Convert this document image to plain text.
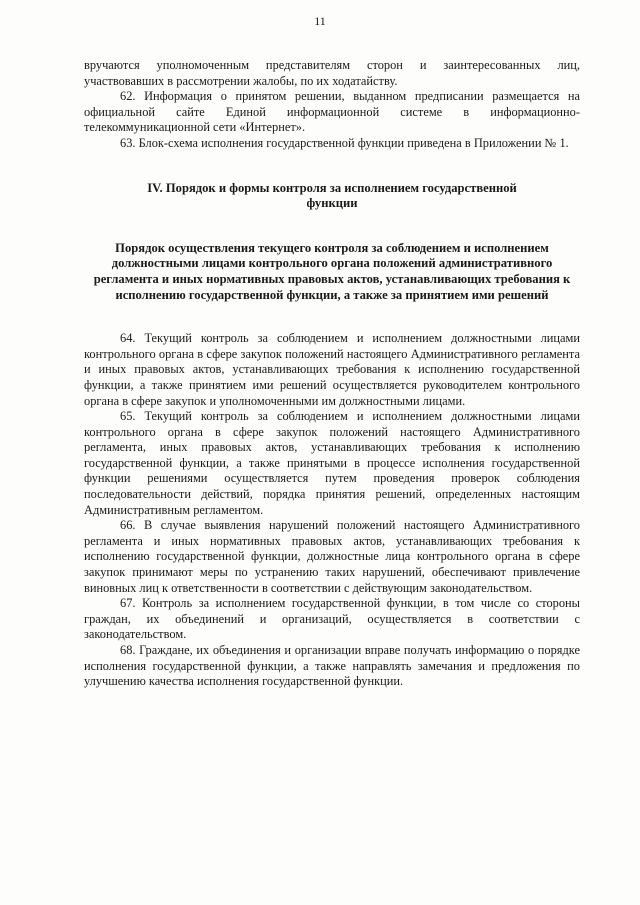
11

вручаются уполномоченным представителям сторон и заинтересованных лиц, участвовавших в рассмотрении жалобы, по их ходатайству.

62. Информация о принятом решении, выданном предписании размещается на официальной сайте Единой информационной системе в информационно-телекоммуникационной сети «Интернет».

63. Блок-схема исполнения государственной функции приведена в Приложении № 1.

IV. Порядок и формы контроля за исполнением государственной функции
Порядок осуществления текущего контроля за соблюдением и исполнением должностными лицами контрольного органа положений административного регламента и иных нормативных правовых актов, устанавливающих требования к исполнению государственной функции, а также за принятием ими решений

64. Текущий контроль за соблюдением и исполнением должностными лицами контрольного органа в сфере закупок положений настоящего Административного регламента и иных правовых актов, устанавливающих требования к исполнению государственной функции, а также принятием ими решений осуществляется руководителем контрольного органа в сфере закупок и уполномоченными им должностными лицами.

65. Текущий контроль за соблюдением и исполнением должностными лицами контрольного органа в сфере закупок положений настоящего Административного регламента, иных правовых актов, устанавливающих требования к исполнению государственной функции, а также принятыми в процессе исполнения государственной функции решениями осуществляется путем проведения проверок соблюдения последовательности действий, порядка принятия решений, определенных настоящим Административным регламентом.

66. В случае выявления нарушений положений настоящего Административного регламента и иных нормативных правовых актов, устанавливающих требования к исполнению государственной функции, должностные лица контрольного органа в сфере закупок принимают меры по устранению таких нарушений, обеспечивают привлечение виновных лиц к ответственности в соответствии с действующим законодательством.

67. Контроль за исполнением государственной функции, в том числе со стороны граждан, их объединений и организаций, осуществляется в соответствии с законодательством.

68. Граждане, их объединения и организации вправе получать информацию о порядке исполнения государственной функции, а также направлять замечания и предложения по улучшению качества исполнения государственной функции.
